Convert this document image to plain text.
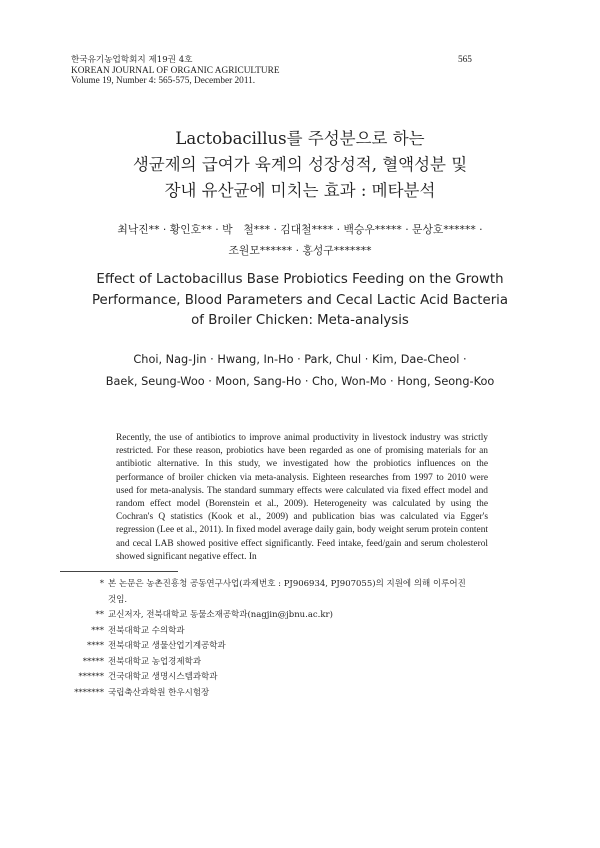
한국유기농업학회지 제19권 4호
KOREAN JOURNAL OF ORGANIC AGRICULTURE
Volume 19, Number 4: 565-575, December 2011.
565
Lactobacillus를 주성분으로 하는
생균제의 급여가 육계의 성장성적, 혈액성분 및
장내 유산균에 미치는 효과 : 메타분석
최낙진** · 황인호** · 박　철*** · 김대철**** · 백승우***** · 문상호****** ·
조원모****** · 홍성구*******
Effect of Lactobacillus Base Probiotics Feeding on the Growth
Performance, Blood Parameters and Cecal Lactic Acid Bacteria
of Broiler Chicken: Meta-analysis
Choi, Nag-Jin · Hwang, In-Ho · Park, Chul · Kim, Dae-Cheol ·
Baek, Seung-Woo · Moon, Sang-Ho · Cho, Won-Mo · Hong, Seong-Koo

Recently, the use of antibiotics to improve animal productivity in livestock industry was strictly restricted. For these reason, probiotics have been regarded as one of promising materials for an antibiotic alternative. In this study, we investigated how the probiotics influences on the performance of broiler chicken via meta-analysis. Eighteen researches from 1997 to 2010 were used for meta-analysis. The standard summary effects were calculated via fixed effect model and random effect model (Borenstein et al., 2009). Heterogeneity was calculated by using the Cochran's Q statistics (Kook et al., 2009) and publication bias was calculated via Egger's regression (Lee et al., 2011). In fixed model average daily gain, body weight serum protein content and cecal LAB showed positive effect significantly. Feed intake, feed/gain and serum cholesterol showed significant negative effect. In

* 본 논문은 농촌진흥청 공동연구사업(과제번호 : PJ906934, PJ907055)의 지원에 의해 이루어진
것임.
** 교신저자, 전북대학교 동물소재공학과(nagjin@jbnu.ac.kr)
*** 전북대학교 수의학과
**** 전북대학교 생물산업기계공학과
***** 전북대학교 농업경제학과
****** 건국대학교 생명시스템과학과
******* 국립축산과학원 한우시험장
